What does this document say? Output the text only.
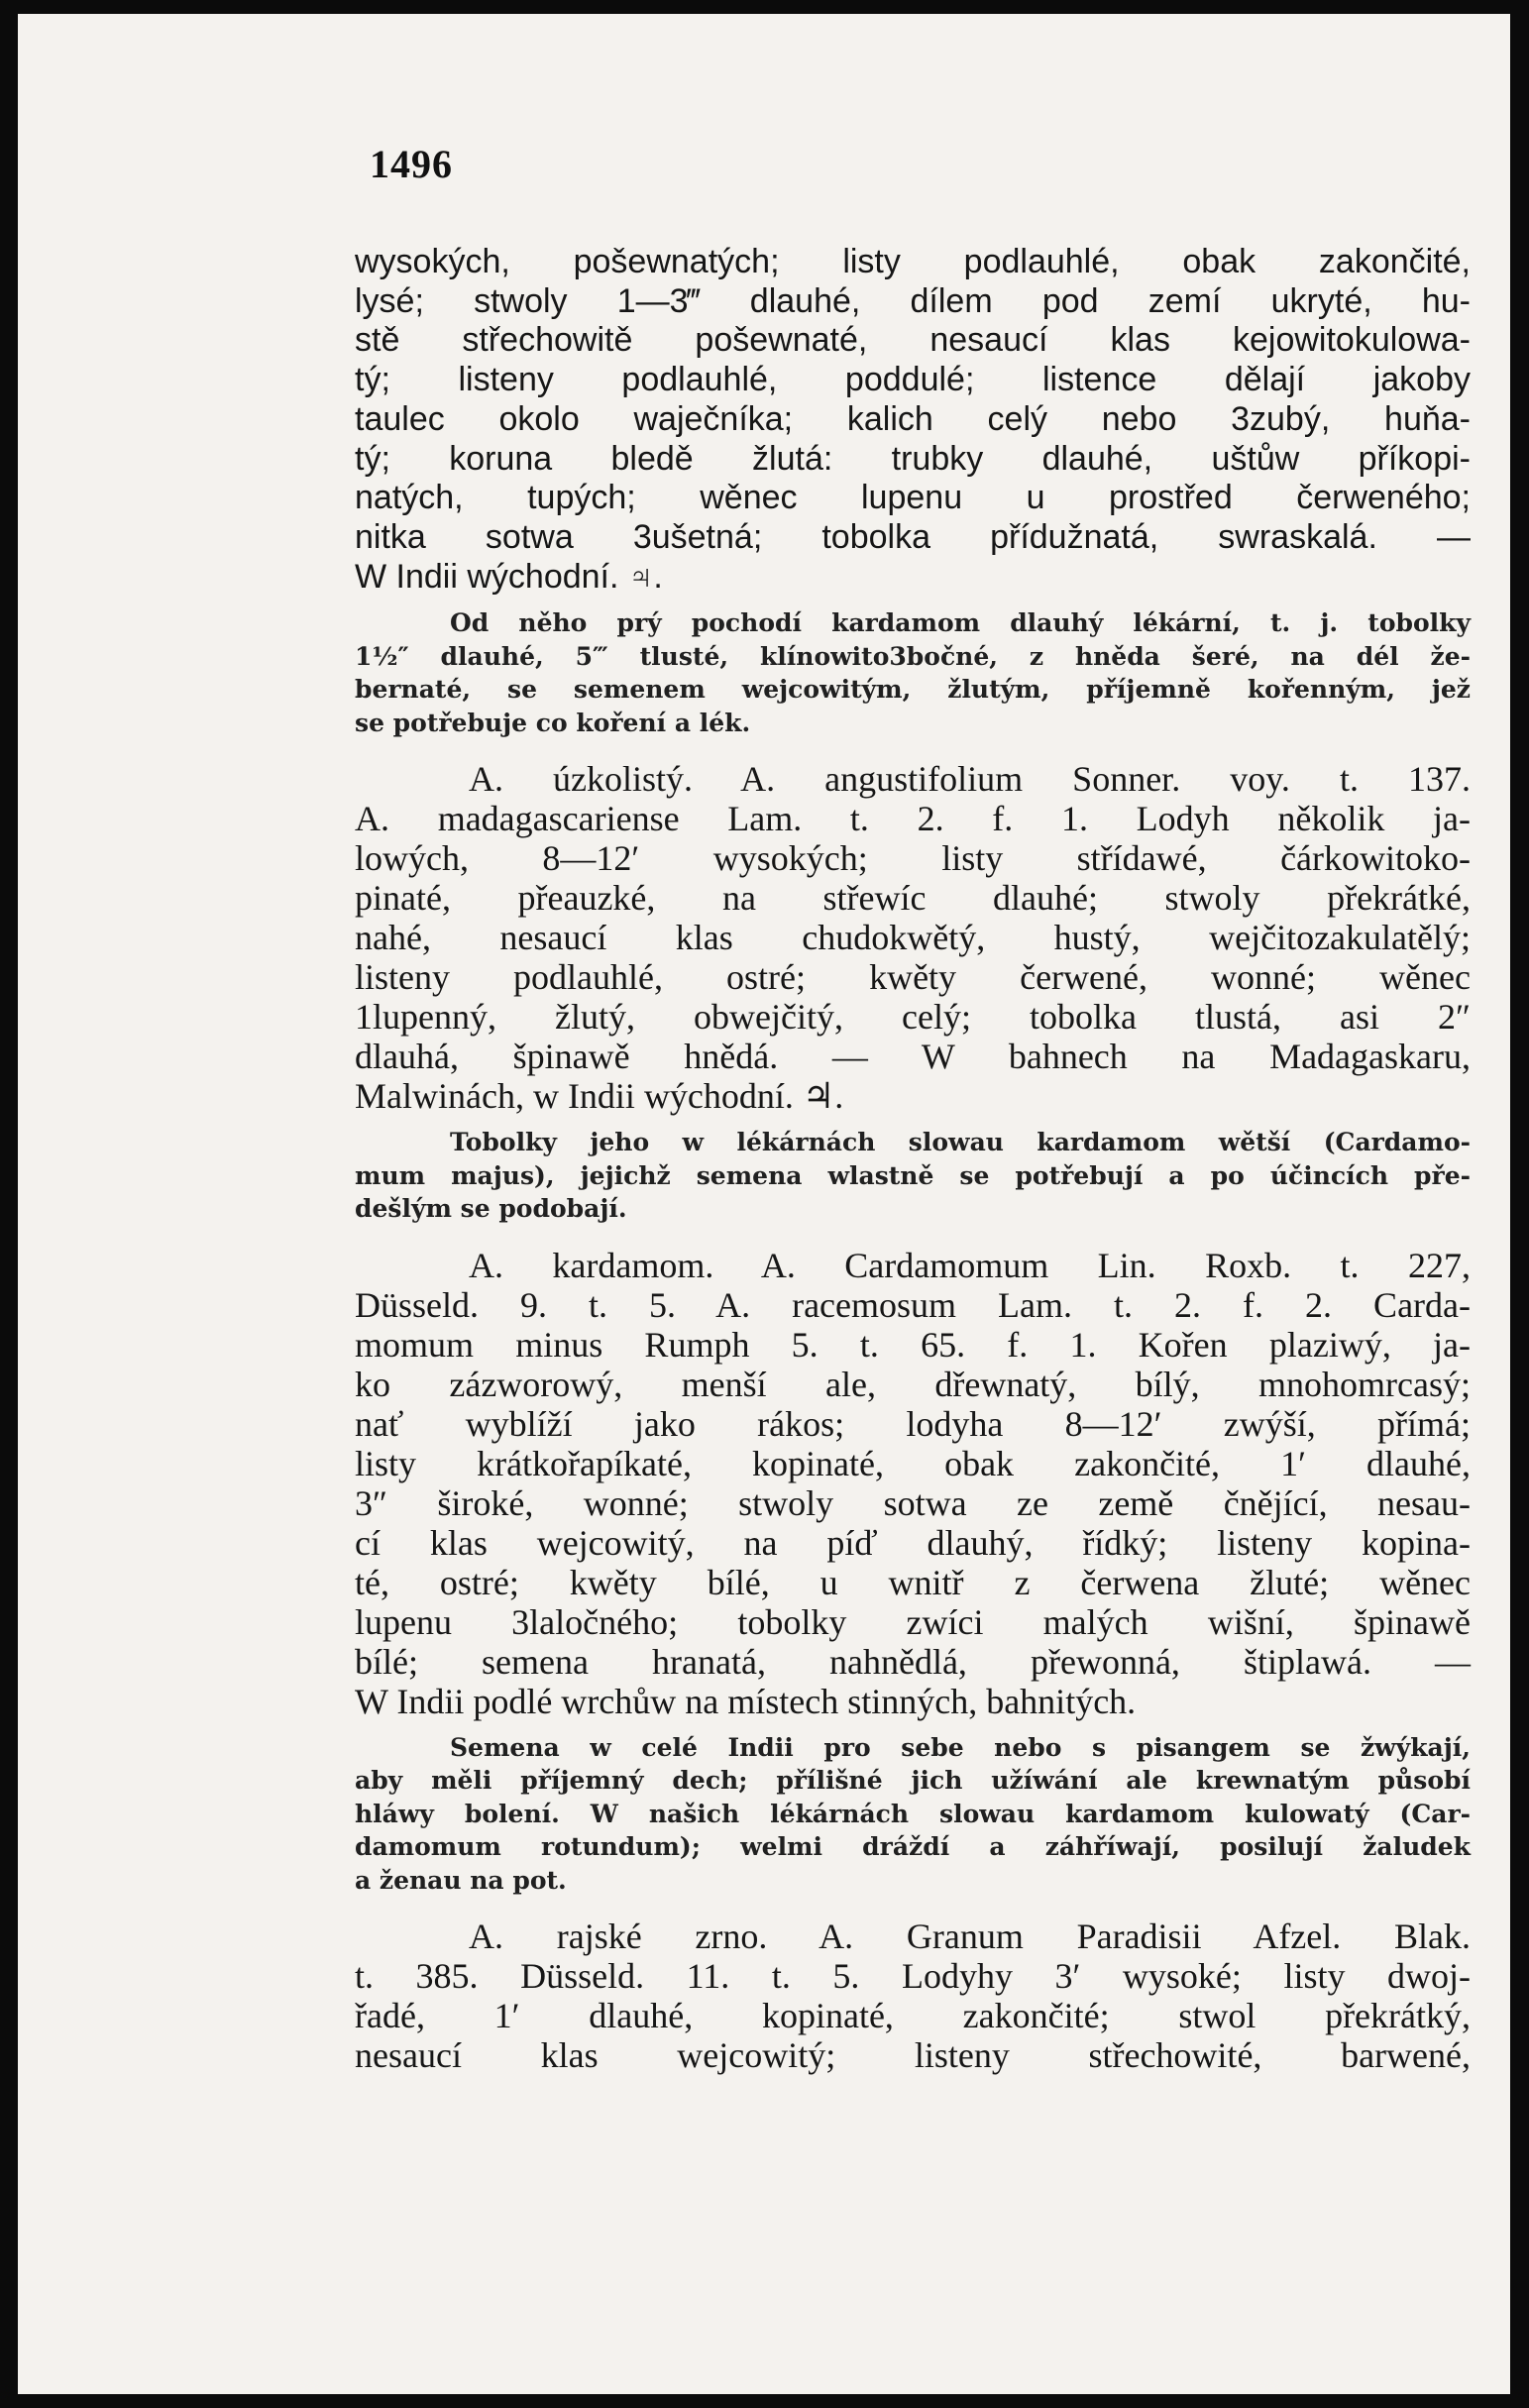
1496
wysokých, pošewnatých; listy podlauhlé, obak zakončité,
lysé; stwoly 1—3‴ dlauhé, dílem pod zemí ukryté, hu-
stě střechowitě pošewnaté, nesaucí klas kejowitokulowa-
tý; listeny podlauhlé, poddulé; listence dělají jakoby
taulec okolo waječníka; kalich celý nebo 3zubý, huňa-
tý; koruna bledě žlutá: trubky dlauhé, uštůw příkopi-
natých, tupých; wěnec lupenu u prostřed čerweného;
nitka sotwa 3ušetná; tobolka přídužnatá, swraskalá. —
W Indii wýchodní. ♃.
Od něho prý pochodí kardamom dlauhý lékární, t. j. tobolky
1½″ dlauhé, 5‴ tlusté, klínowito3bočné, z hněda šeré, na dél že-
bernaté, se semenem wejcowitým, žlutým, příjemně kořenným, jež
se potřebuje co koření a lék.
A. úzkolistý. A. angustifolium Sonner. voy. t. 137.
A. madagascariense Lam. t. 2. f. 1. Lodyh několik ja-
lowých, 8—12′ wysokých; listy střídawé, čárkowitoko-
pinaté, přeauzké, na střewíc dlauhé; stwoly překrátké,
nahé, nesaucí klas chudokwětý, hustý, wejčitozakulatělý;
listeny podlauhlé, ostré; kwěty čerwené, wonné; wěnec
1lupenný, žlutý, obwejčitý, celý; tobolka tlustá, asi 2″
dlauhá, špinawě hnědá. — W bahnech na Madagaskaru,
Malwinách, w Indii wýchodní. ♃.
Tobolky jeho w lékárnách slowau kardamom wětší (Cardamo-
mum majus), jejichž semena wlastně se potřebují a po účincích pře-
dešlým se podobají.
A. kardamom. A. Cardamomum Lin. Roxb. t. 227,
Düsseld. 9. t. 5. A. racemosum Lam. t. 2. f. 2. Carda-
momum minus Rumph 5. t. 65. f. 1. Kořen plaziwý, ja-
ko zázworowý, menší ale, dřewnatý, bílý, mnohomrcasý;
nať wyblíží jako rákos; lodyha 8—12′ zwýší, přímá;
listy krátkořapíkaté, kopinaté, obak zakončité, 1′ dlauhé,
3″ široké, wonné; stwoly sotwa ze země čnějící, nesau-
cí klas wejcowitý, na píď dlauhý, řídký; listeny kopina-
té, ostré; kwěty bílé, u wnitř z čerwena žluté; wěnec
lupenu 3laločného; tobolky zwíci malých wišní, špinawě
bílé; semena hranatá, nahnědlá, přewonná, štiplawá. —
W Indii podlé wrchůw na místech stinných, bahnitých.
Semena w celé Indii pro sebe nebo s pisangem se žwýkají,
aby měli příjemný dech; přílišné jich užíwání ale krewnatým působí
hláwy bolení. W našich lékárnách slowau kardamom kulowatý (Car-
damomum rotundum); welmi dráždí a záhříwají, posilují žaludek
a ženau na pot.
A. rajské zrno. A. Granum Paradisii Afzel. Blak.
t. 385. Düsseld. 11. t. 5. Lodyhy 3′ wysoké; listy dwoj-
řadé, 1′ dlauhé, kopinaté, zakončité; stwol překrátký,
nesaucí klas wejcowitý; listeny střechowité, barwené,
